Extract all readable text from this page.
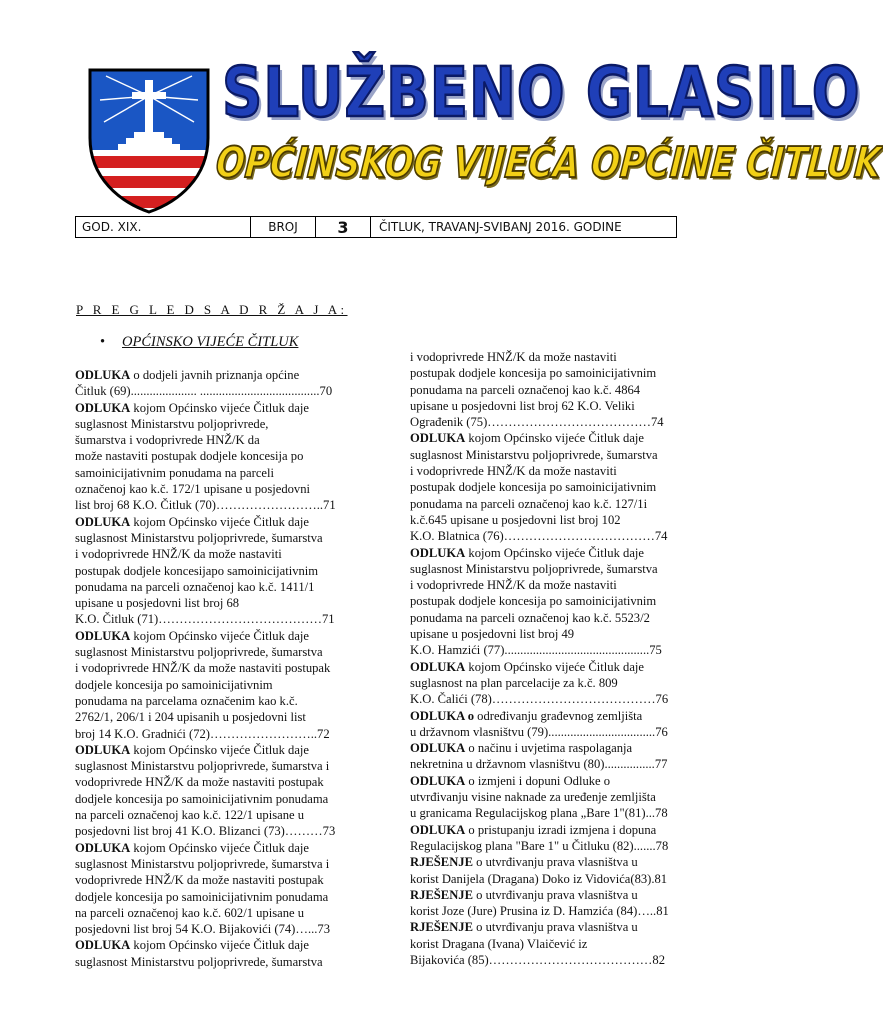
SLUŽBENO GLASILO
OPĆINSKOG VIJEĆA OPĆINE ČITLUK
GOD. XIX.	BROJ	3	ČITLUK, TRAVANJ-SVIBANJ 2016. GODINE
P R E G L E D S A D R Ž A J A:
• OPĆINSKO VIJEĆE ČITLUK
ODLUKA o dodjeli javnih priznanja općine
Čitluk (69)..................... ......................................70
ODLUKA kojom Općinsko vijeće Čitluk daje
suglasnost Ministarstvu poljoprivrede,
šumarstva i vodoprivrede HNŽ/K da
može nastaviti postupak dodjele koncesija po
samoinicijativnim ponudama na parceli
označenoj kao k.č. 172/1 upisane u posjedovni
list broj 68 K.O. Čitluk (70)……………………..71
ODLUKA kojom Općinsko vijeće Čitluk daje
suglasnost Ministarstvu poljoprivrede, šumarstva
i vodoprivrede HNŽ/K da može nastaviti
postupak dodjele koncesijapo samoinicijativnim
ponudama na parceli označenoj kao k.č. 1411/1
upisane u posjedovni list broj 68
K.O. Čitluk (71)…………………………………71
ODLUKA kojom Općinsko vijeće Čitluk daje
suglasnost Ministarstvu poljoprivrede, šumarstva
i vodoprivrede HNŽ/K da može nastaviti postupak
dodjele koncesija po samoinicijativnim
ponudama na parcelama označenim kao k.č.
2762/1, 206/1 i 204 upisanih u posjedovni list
broj 14 K.O. Gradnići (72)……………………..72
ODLUKA kojom Općinsko vijeće Čitluk daje
suglasnost Ministarstvu poljoprivrede, šumarstva i
vodoprivrede HNŽ/K da može nastaviti postupak
dodjele koncesija po samoinicijativnim ponudama
na parceli označenoj kao k.č. 122/1 upisane u
posjedovni list broj 41 K.O. Blizanci (73)………73
ODLUKA kojom Općinsko vijeće Čitluk daje
suglasnost Ministarstvu poljoprivrede, šumarstva i
vodoprivrede HNŽ/K da može nastaviti postupak
dodjele koncesija po samoinicijativnim ponudama
na parceli označenoj kao k.č. 602/1 upisane u
posjedovni list broj 54 K.O. Bijakovići (74)…...73
ODLUKA kojom Općinsko vijeće Čitluk daje
suglasnost Ministarstvu poljoprivrede, šumarstva
i vodoprivrede HNŽ/K da može nastaviti
postupak dodjele koncesija po samoinicijativnim
ponudama na parceli označenoj kao k.č. 4864
upisane u posjedovni list broj 62 K.O. Veliki
Ograđenik (75)…………………………………74
ODLUKA kojom Općinsko vijeće Čitluk daje
suglasnost Ministarstvu poljoprivrede, šumarstva
i vodoprivrede HNŽ/K da može nastaviti
postupak dodjele koncesija po samoinicijativnim
ponudama na parceli označenoj kao k.č. 127/1i
k.č.645 upisane u posjedovni list broj 102
K.O. Blatnica (76)………………………………74
ODLUKA kojom Općinsko vijeće Čitluk daje
suglasnost Ministarstvu poljoprivrede, šumarstva
i vodoprivrede HNŽ/K da može nastaviti
postupak dodjele koncesija po samoinicijativnim
ponudama na parceli označenoj kao k.č. 5523/2
upisane u posjedovni list broj 49
K.O. Hamzići (77)..............................................75
ODLUKA kojom Općinsko vijeće Čitluk daje
suglasnost na plan parcelacije za k.č. 809
K.O. Čalići (78)…………………………………76
ODLUKA o određivanju građevnog zemljišta
u državnom vlasništvu (79)..................................76
ODLUKA o načinu i uvjetima raspolaganja
nekretnina u državnom vlasništvu (80)................77
ODLUKA o izmjeni i dopuni Odluke o
utvrđivanju visine naknade za uređenje zemljišta
u granicama Regulacijskog plana „Bare 1"(81)...78
ODLUKA o pristupanju izradi izmjena i dopuna
Regulacijskog plana "Bare 1" u Čitluku (82).......78
RJEŠENJE o utvrđivanju prava vlasništva u
korist Danijela (Dragana) Doko iz Vidovića(83).81
RJEŠENJE o utvrđivanju prava vlasništva u
korist Joze (Jure) Prusina iz D. Hamzića (84)…..81
RJEŠENJE o utvrđivanju prava vlasništva u
korist Dragana (Ivana) Vlaičević iz
Bijakovića (85)…………………………………82
